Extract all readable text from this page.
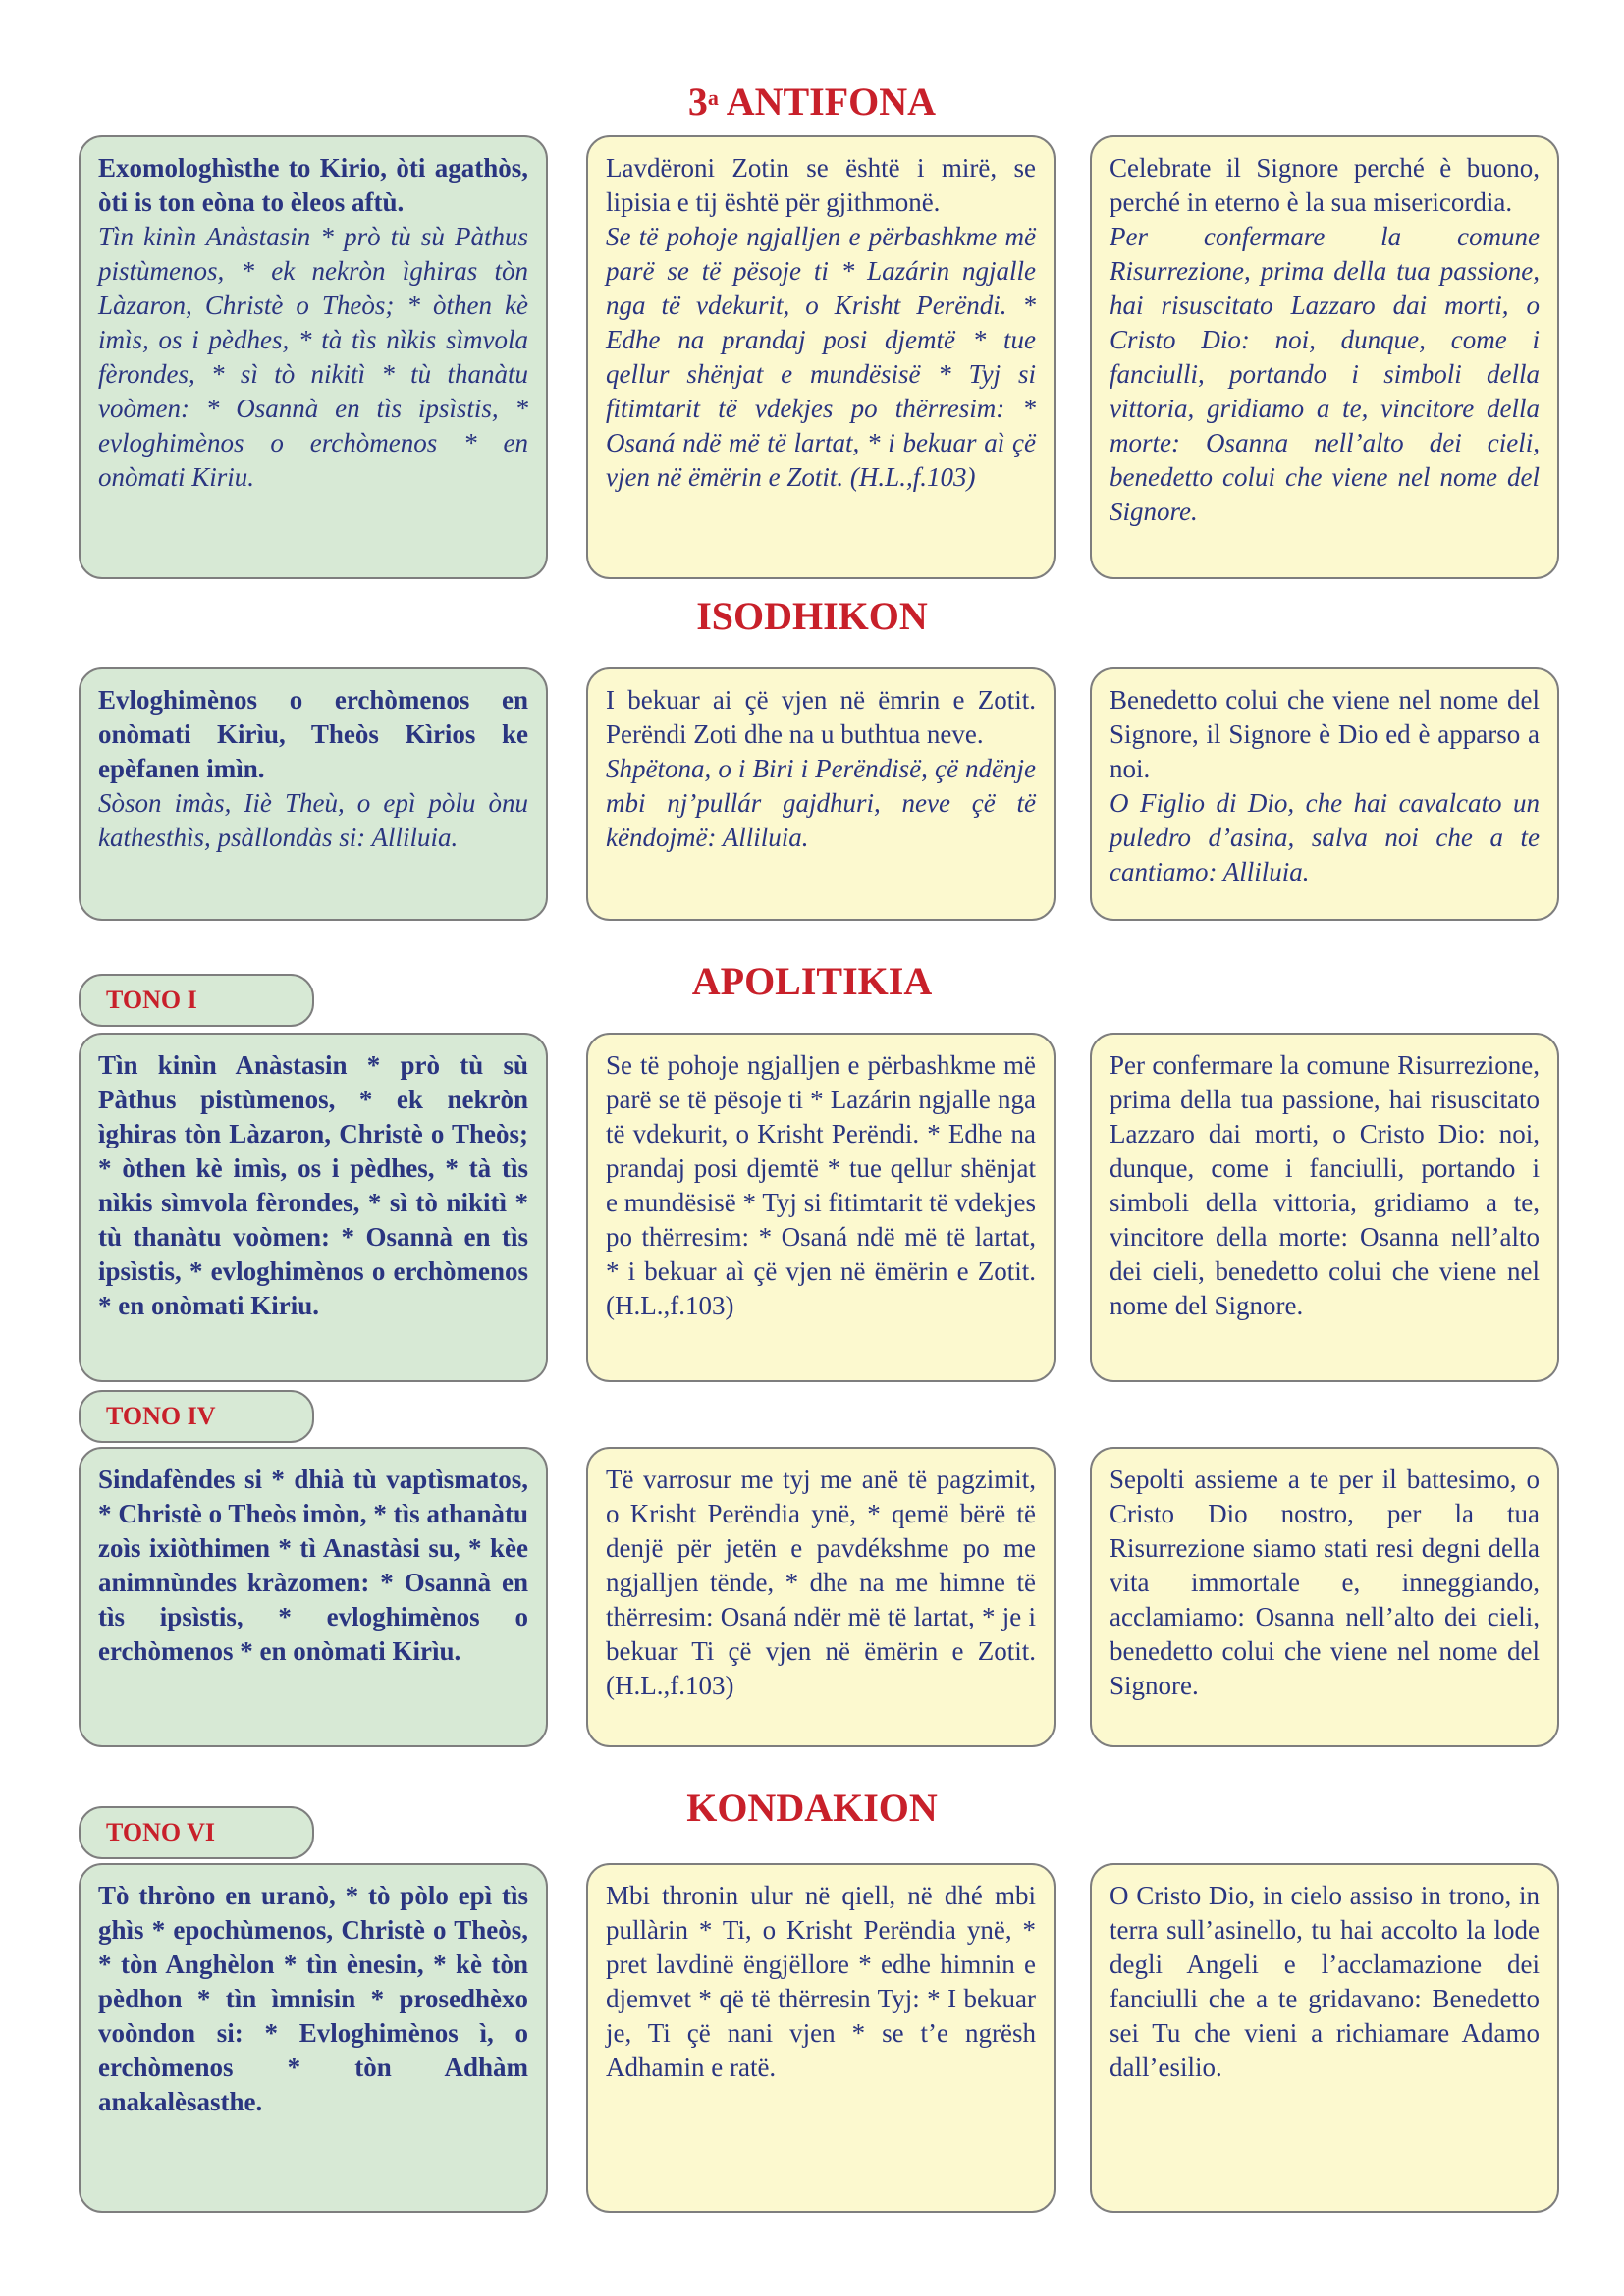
3$^a$ ANTIFONA
Exomologhìsthe to Kirio, òti agathòs, òti is ton eòna to èleos aftù.
Tìn kinìn Anàstasin * prò tù sù Pàthus pistùmenos, * ek nekròn ìghiras tòn Làzaron, Christè o Theòs; * òthen kè imìs, os i pèdhes, * tà tìs nìkis sìmvola fèrondes, * sì tò nikitì * tù thanàtu voòmen: * Osannà en tìs ipsìstis, * evloghimènos o erchòmenos * en onòmati Kiriu.
Lavdëroni Zotin se është i mirë, se lipisia e tij është për gjithmonë.
Se të pohoje ngjalljen e përbashkme më parë se të pësoje ti * Lazárin ngjalle nga të vdekurit, o Krisht Perëndi. * Edhe na prandaj posi djemtë * tue qellur shënjat e mundësisë * Tyj si fitimtarit të vdekjes po thërresim: * Osaná ndë më të lartat, * i bekuar aì çë vjen në ëmërin e Zotit. (H.L.,f.103)
Celebrate il Signore perché è buono, perché in eterno è la sua misericordia.
Per confermare la comune Risurrezione, prima della tua passione, hai risuscitato Lazzaro dai morti, o Cristo Dio: noi, dunque, come i fanciulli, portando i simboli della vittoria, gridiamo a te, vincitore della morte: Osanna nell’alto dei cieli, benedetto colui che viene nel nome del Signore.
ISODHIKON
Evloghimènos o erchòmenos en onòmati Kirìu, Theòs Kìrios ke epèfanen imìn.
Sòson imàs, Iiè Theù, o epì pòlu ònu kathesthìs, psàllondàs si: Alliluia.
I bekuar ai çë vjen në ëmrin e Zotit. Perëndi Zoti dhe na u buthtua neve.
Shpëtona, o i Biri i Perëndisë, çë ndënje mbi nj’pullár gajdhuri, neve çë të këndojmë: Alliluia.
Benedetto colui che viene nel nome del Signore, il Signore è Dio ed è apparso a noi.
O Figlio di Dio, che hai cavalcato un puledro d’asina, salva noi che a te cantiamo: Alliluia.
APOLITIKIA
TONO I
Tìn kinìn Anàstasin * prò tù sù Pàthus pistùmenos, * ek nekròn ìghiras tòn Làzaron, Christè o Theòs; * òthen kè imìs, os i pèdhes, * tà tìs nìkis sìmvola fèrondes, * sì tò nikitì * tù thanàtu voòmen: * Osannà en tìs ipsìstis, * evloghimènos o erchòmenos * en onòmati Kiriu.
Se të pohoje ngjalljen e përbashkme më parë se të pësoje ti * Lazárin ngjalle nga të vdekurit, o Krisht Perëndi. * Edhe na prandaj posi djemtë * tue qellur shënjat e mundësisë * Tyj si fitimtarit të vdekjes po thërresim: * Osaná ndë më të lartat, * i bekuar aì çë vjen në ëmërin e Zotit. (H.L.,f.103)
Per confermare la comune Risurrezione, prima della tua passione, hai risuscitato Lazzaro dai morti, o Cristo Dio: noi, dunque, come i fanciulli, portando i simboli della vittoria, gridiamo a te, vincitore della morte: Osanna nell’alto dei cieli, benedetto colui che viene nel nome del Signore.
TONO IV
Sindafèndes si * dhià tù vaptìsmatos, * Christè o Theòs imòn, * tìs athanàtu zoìs ixiòthimen * tì Anastàsi su, * kèe animnùndes kràzomen: * Osannà en tìs ipsìstis, * evloghimènos o erchòmenos * en onòmati Kirìu.
Të varrosur me tyj me anë të pagzimit, o Krisht Perëndia ynë, * qemë bërë të denjë për jetën e pavdékshme po me ngjalljen tënde, * dhe na me himne të thërresim: Osaná ndër më të lartat, * je i bekuar Ti çë vjen në ëmërin e Zotit. (H.L.,f.103)
Sepolti assieme a te per il battesimo, o Cristo Dio nostro, per la tua Risurrezione siamo stati resi degni della vita immortale e, inneggiando, acclamiamo: Osanna nell’alto dei cieli, benedetto colui che viene nel nome del Signore.
KONDAKION
TONO VI
Tò thròno en uranò, * tò pòlo epì tìs ghìs * epochùmenos, Christè o Theòs, * tòn Anghèlon * tìn ènesin, * kè tòn pèdhon * tìn ìmnisin * prosedhèxo voòndon si: * Evloghimènos ì, o erchòmenos * tòn Adhàm anakalèsasthe.
Mbi thronin ulur në qiell, në dhé mbi pullàrin * Ti, o Krisht Perëndia ynë, * pret lavdinë ëngjëllore * edhe himnin e djemvet * që të thërresin Tyj: * I bekuar je, Ti çë nani vjen * se t’e ngrësh Adhamin e ratë.
O Cristo Dio, in cielo assiso in trono, in terra sull’asinello, tu hai accolto la lode degli Angeli e l’acclamazione dei fanciulli che a te gridavano: Benedetto sei Tu che vieni a richiamare Adamo dall’esilio.
